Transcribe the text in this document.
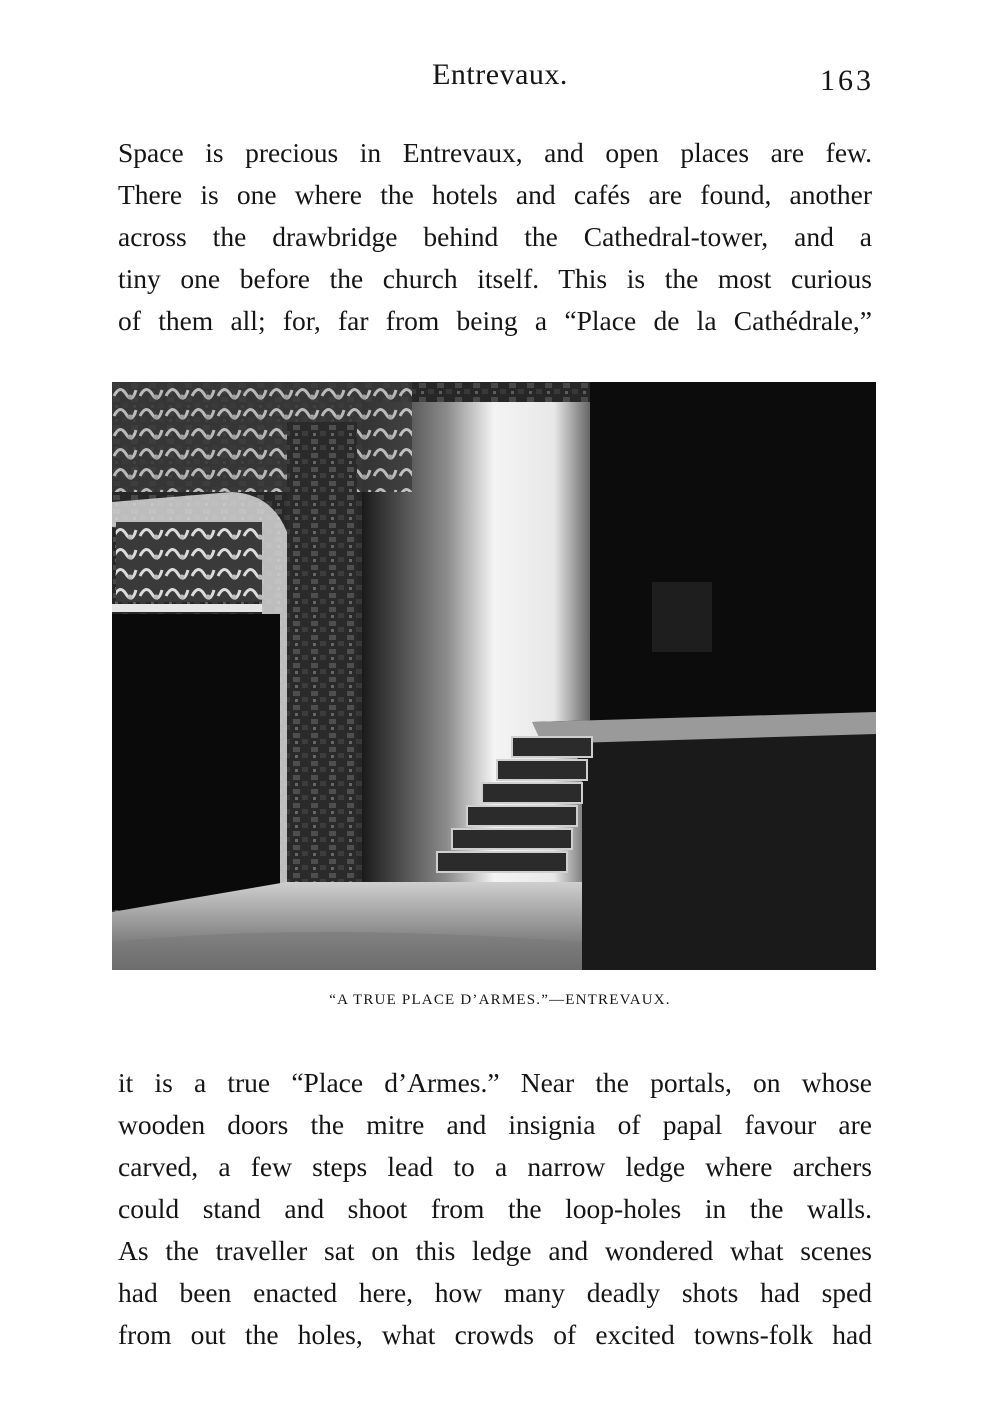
Entrevaux.	163
Space is precious in Entrevaux, and open places are few.
There is one where the hotels and cafés are found, another
across the drawbridge behind the Cathedral-tower, and a
tiny one before the church itself. This is the most curious
of them all; for, far from being a “Place de la Cathédrale,”
“A TRUE PLACE D’ARMES.”—ENTREVAUX.
it is a true “Place d’Armes.” Near the portals, on whose
wooden doors the mitre and insignia of papal favour are
carved, a few steps lead to a narrow ledge where archers
could stand and shoot from the loop-holes in the walls.
As the traveller sat on this ledge and wondered what scenes
had been enacted here, how many deadly shots had sped
from out the holes, what crowds of excited towns-folk had
